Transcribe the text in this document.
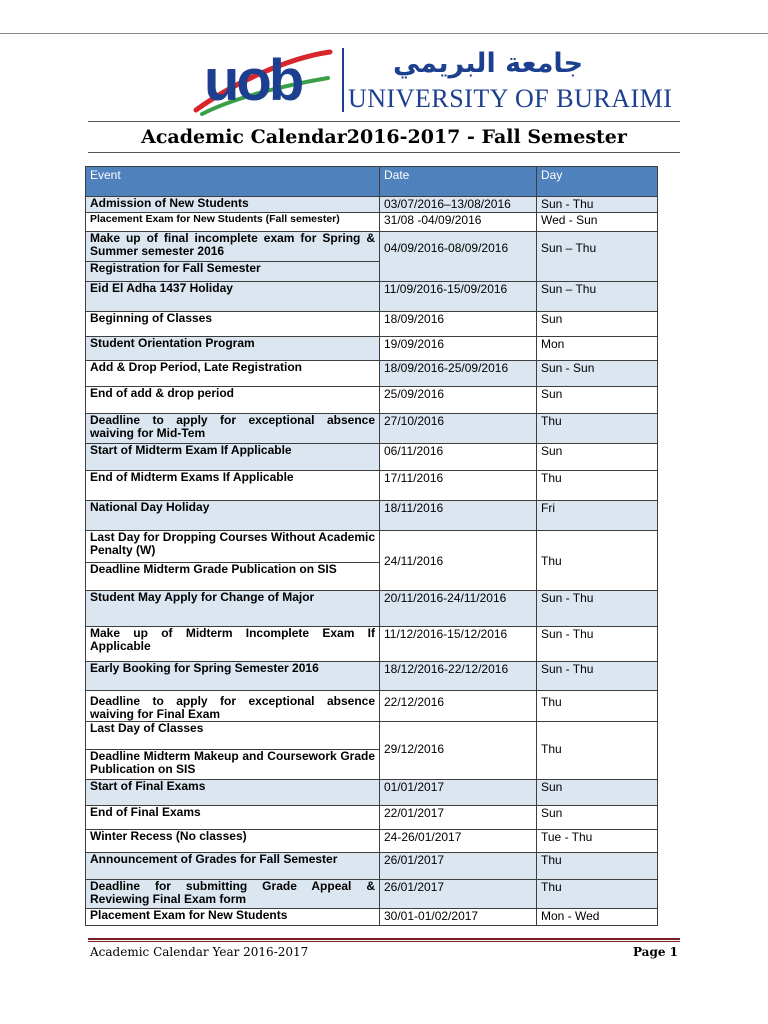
uob	جامعة البريمي
UNIVERSITY OF BURAIMI
Academic Calendar2016-2017 - Fall Semester
Event	Date	Day
Admission of New Students	03/07/2016–13/08/2016	Sun - Thu
Placement Exam for New Students (Fall semester)	31/08 -04/09/2016	Wed - Sun
Make up of final incomplete exam for Spring & Summer semester 2016	04/09/2016-08/09/2016	Sun – Thu
Registration for Fall Semester		
Eid El Adha 1437 Holiday	11/09/2016-15/09/2016	Sun – Thu
Beginning of Classes	18/09/2016	Sun
Student Orientation Program	19/09/2016	Mon
Add & Drop Period, Late Registration	18/09/2016-25/09/2016	Sun - Sun
End of add & drop period	25/09/2016	Sun
Deadline to apply for exceptional absence waiving for Mid-Tem	27/10/2016	Thu
Start of Midterm Exam If Applicable	06/11/2016	Sun
End of Midterm Exams If Applicable	17/11/2016	Thu
National Day Holiday	18/11/2016	Fri
Last Day for Dropping Courses Without Academic Penalty (W)	24/11/2016	Thu
Deadline Midterm Grade Publication on SIS		
Student May Apply for Change of Major	20/11/2016-24/11/2016	Sun - Thu
Make up of Midterm Incomplete Exam If Applicable	11/12/2016-15/12/2016	Sun - Thu
Early Booking for Spring Semester 2016	18/12/2016-22/12/2016	Sun - Thu
Deadline to apply for exceptional absence waiving for Final Exam	22/12/2016	Thu
Last Day of Classes	29/12/2016	Thu
Deadline Midterm Makeup and Coursework Grade Publication on SIS		
Start of Final Exams	01/01/2017	Sun
End of Final Exams	22/01/2017	Sun
Winter Recess (No classes)	24-26/01/2017	Tue - Thu
Announcement of Grades for Fall Semester	26/01/2017	Thu
Deadline for submitting Grade Appeal & Reviewing Final Exam form	26/01/2017	Thu
Placement Exam for New Students	30/01-01/02/2017	Mon - Wed
Academic Calendar Year 2016-2017	Page 1
